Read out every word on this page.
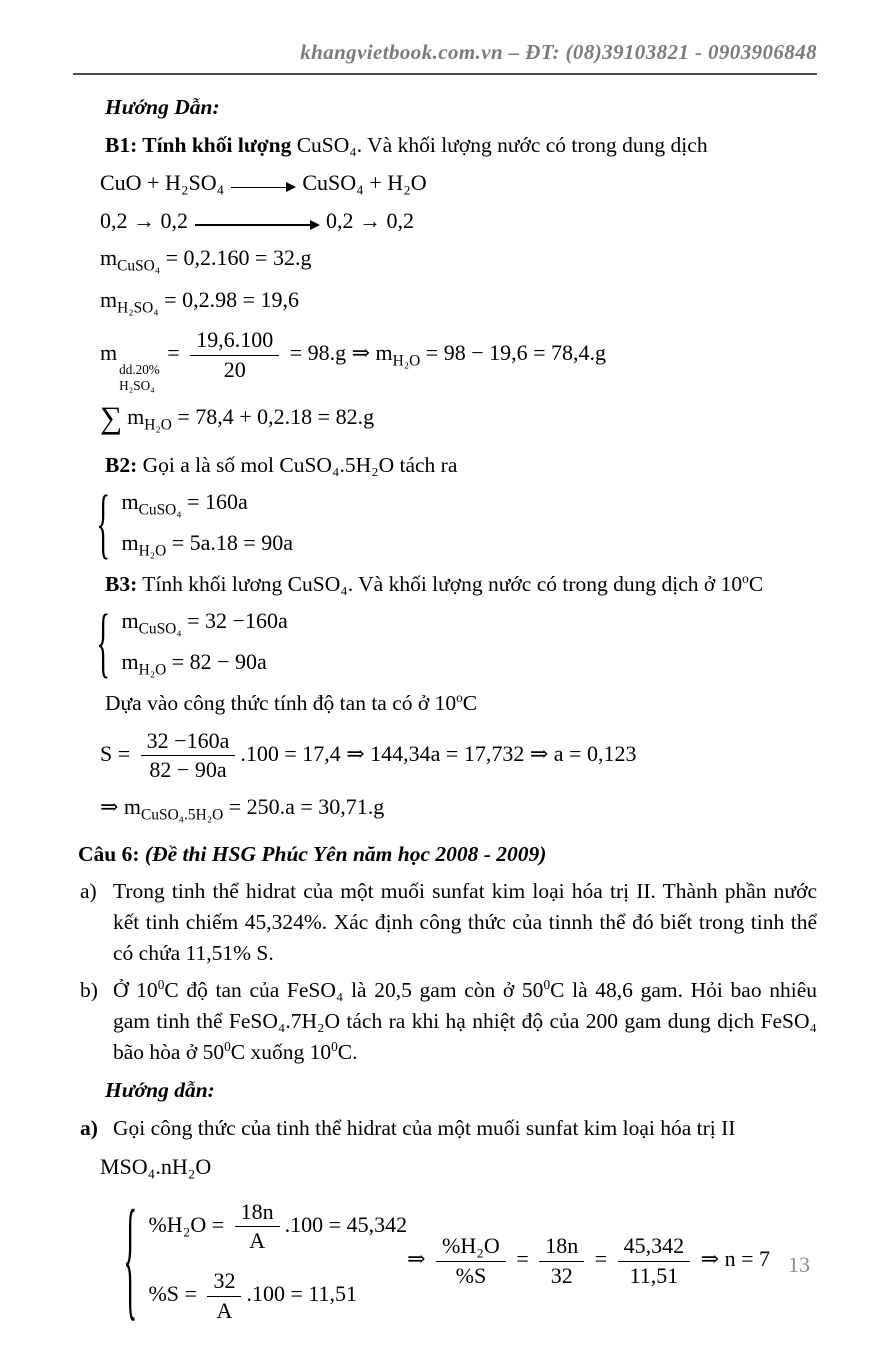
khangvietbook.com.vn – ĐT: (08)39103821 - 0903906848
Hướng Dẫn:
B1: Tính khối lượng CuSO₄. Và khối lượng nước có trong dung dịch
CuO + H₂SO₄	CuSO₄ + H₂O
0,2 → 0,2	0,2 → 0,2
$m_{CuSO_4} = 0,2.160 = 32.g$
$m_{H_2SO_4} = 0,2.98 = 19,6$
m
dd.20%
H₂SO₄
= $\frac{19,6.100}{20} = 98.g$ ⇒ $m_{H_2O} = 98 - 19,6 = 78,4.g$
∑ $m_{H_2O} = 78,4 + 0,2.18 = 82.g$
B2: Gọi a là số mol CuSO₄.5H₂O tách ra
{ $m_{CuSO_4} = 160a$
$m_{H_2O} = 5a.18 = 90a$
B3: Tính khối lương CuSO₄. Và khối lượng nước có trong dung dịch ở 10$^o$C
{ $m_{CuSO_4} = 32 -160a$
$m_{H_2O} = 82 - 90a$
Dựa vào công thức tính độ tan ta có ở 10$^o$C
$S = \frac{32 -160a}{82 - 90a} .100 = 17,4$ ⇒ 144,34a = 17,732 ⇒ a = 0,123
⇒ $m_{CuSO_4.5H_2O} = 250.a = 30,71.g$
Câu 6: (Đề thi HSG Phúc Yên năm học 2008 - 2009)
a) Trong tinh thể hidrat của một muối sunfat kim loại hóa trị II. Thành phần nước kết tinh chiếm 45,324%. Xác định công thức của tinnh thể đó biết trong tinh thể có chứa 11,51% S.
b) Ở $10^0C$ độ tan của FeSO₄ là 20,5 gam còn ở $50^0C$ là 48,6 gam. Hỏi bao nhiêu gam tinh thể FeSO₄.7H₂O tách ra khi hạ nhiệt độ của 200 gam dung dịch FeSO₄ bão hòa ở $50^0C$ xuống $10^0C$.
Hướng dẫn:
a) Gọi công thức của tinh thể hidrat của một muối sunfat kim loại hóa trị II
MSO₄.nH₂O
{ $\%H_2O = \frac{18n}{A} .100 = 45,342$
$\%S = \frac{32}{A} .100 = 11,51$
⇒ $\frac{\text{\%H₂O}}{\%S} = \frac{18n}{32} = \frac{45,342}{11,51}$ ⇒ n = 7 13
